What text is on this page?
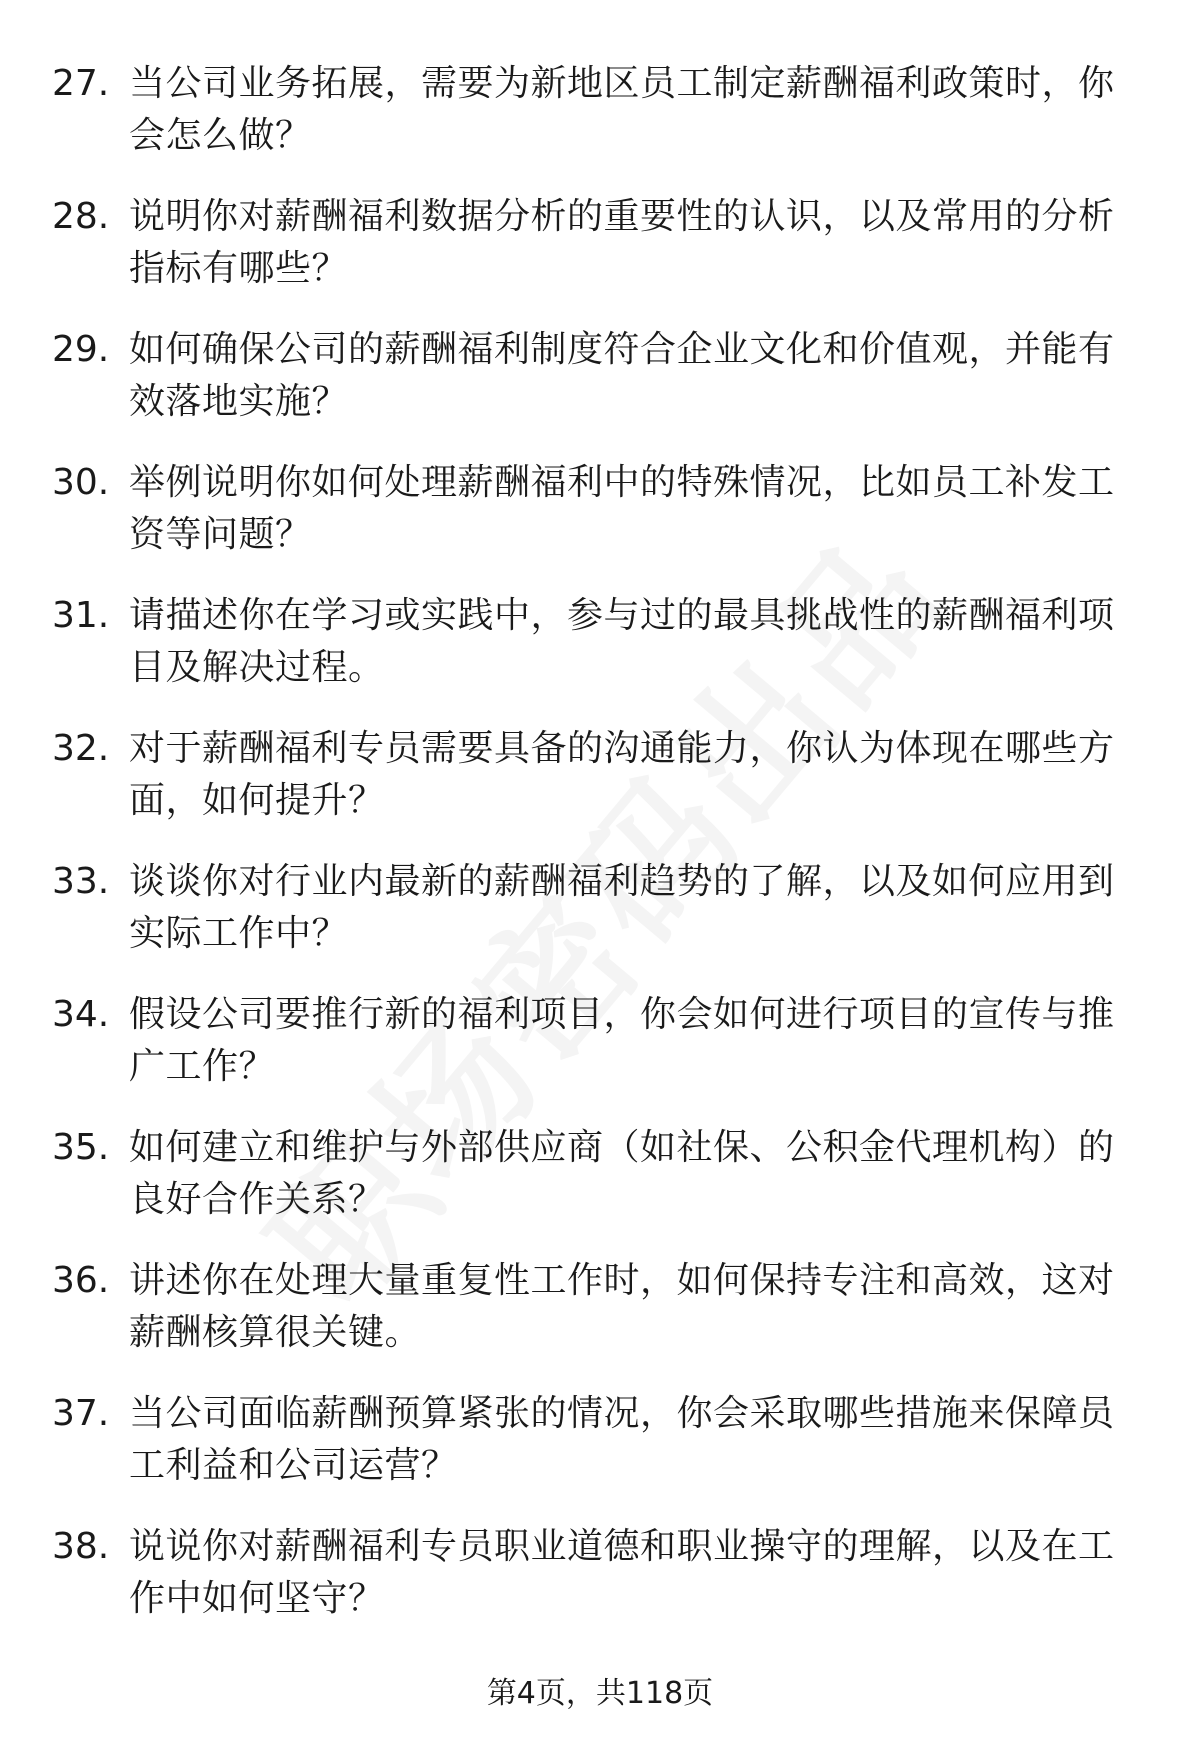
27. 当公司业务拓展，需要为新地区员工制定薪酬福利政策时，你会怎么做？
28. 说明你对薪酬福利数据分析的重要性的认识，以及常用的分析指标有哪些？
29. 如何确保公司的薪酬福利制度符合企业文化和价值观，并能有效落地实施？
30. 举例说明你如何处理薪酬福利中的特殊情况，比如员工补发工资等问题？
31. 请描述你在学习或实践中，参与过的最具挑战性的薪酬福利项目及解决过程。
32. 对于薪酬福利专员需要具备的沟通能力，你认为体现在哪些方面，如何提升？
33. 谈谈你对行业内最新的薪酬福利趋势的了解，以及如何应用到实际工作中？
34. 假设公司要推行新的福利项目，你会如何进行项目的宣传与推广工作？
35. 如何建立和维护与外部供应商（如社保、公积金代理机构）的良好合作关系？
36. 讲述你在处理大量重复性工作时，如何保持专注和高效，这对薪酬核算很关键。
37. 当公司面临薪酬预算紧张的情况，你会采取哪些措施来保障员工利益和公司运营？
38. 说说你对薪酬福利专员职业道德和职业操守的理解，以及在工作中如何坚守？
第4页，共118页
